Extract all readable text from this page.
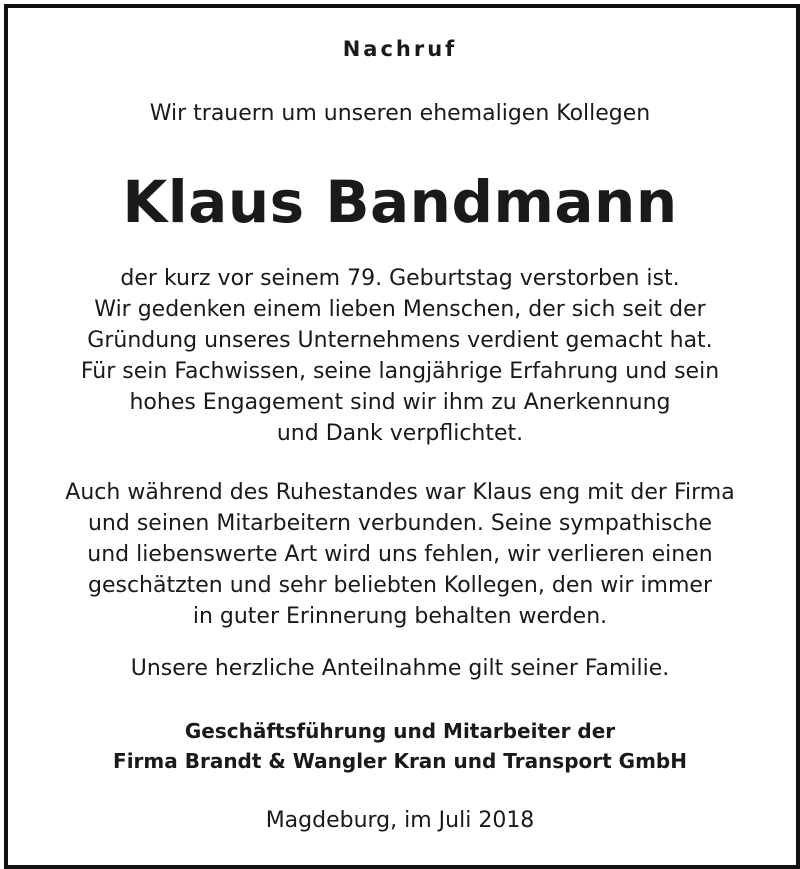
Nachruf
Wir trauern um unseren ehemaligen Kollegen
Klaus Bandmann
der kurz vor seinem 79. Geburtstag verstorben ist.
Wir gedenken einem lieben Menschen, der sich seit der
Gründung unseres Unternehmens verdient gemacht hat.
Für sein Fachwissen, seine langjährige Erfahrung und sein
hohes Engagement sind wir ihm zu Anerkennung
und Dank verpflichtet.
Auch während des Ruhestandes war Klaus eng mit der Firma
und seinen Mitarbeitern verbunden. Seine sympathische
und liebenswerte Art wird uns fehlen, wir verlieren einen
geschätzten und sehr beliebten Kollegen, den wir immer
in guter Erinnerung behalten werden.
Unsere herzliche Anteilnahme gilt seiner Familie.
Geschäftsführung und Mitarbeiter der
Firma Brandt & Wangler Kran und Transport GmbH
Magdeburg, im Juli 2018
